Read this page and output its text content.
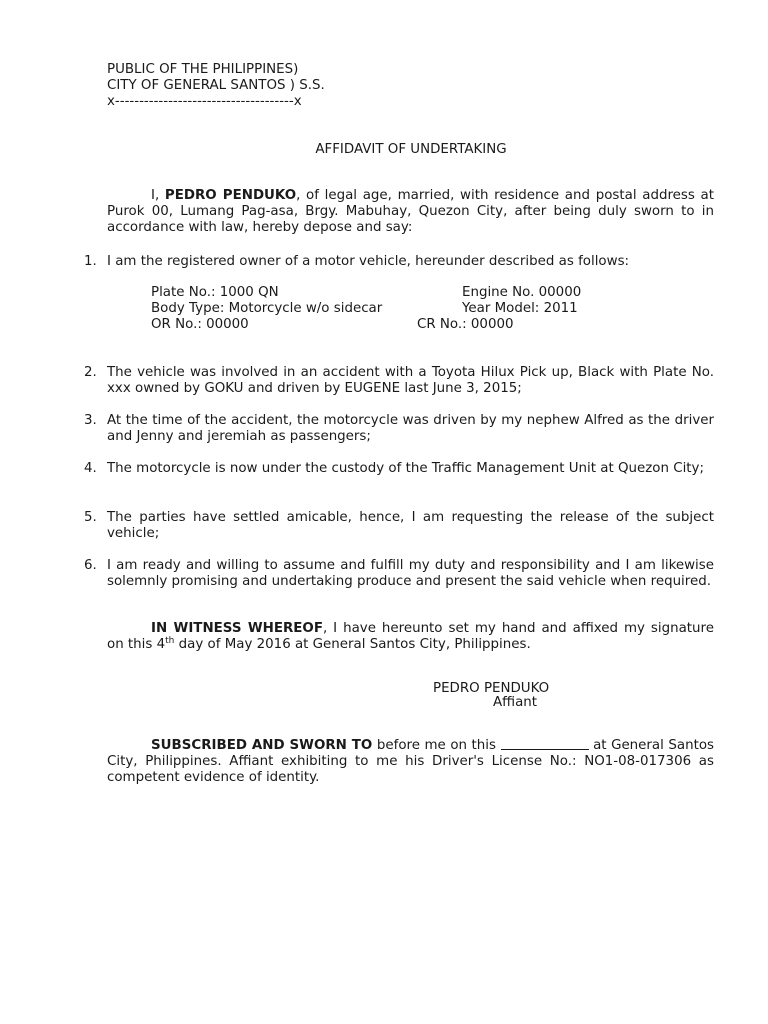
PUBLIC OF THE PHILIPPINES)

CITY OF GENERAL SANTOS ) S.S.

x-------------------------------------x

AFFIDAVIT OF UNDERTAKING

I, PEDRO PENDUKO, of legal age, married, with residence and postal address at Purok 00, Lumang Pag-asa, Brgy. Mabuhay, Quezon City, after being duly sworn to in accordance with law, hereby depose and say:

1. I am the registered owner of a motor vehicle, hereunder described as follows:

Plate No.: 1000 QN	Engine No. 00000

Body Type: Motorcycle w/o sidecar	Year Model: 2011

OR No.: 00000	CR No.: 00000

2. The vehicle was involved in an accident with a Toyota Hilux Pick up, Black with Plate No. xxx owned by GOKU and driven by EUGENE last June 3, 2015;

3. At the time of the accident, the motorcycle was driven by my nephew Alfred as the driver and Jenny and jeremiah as passengers;

4. The motorcycle is now under the custody of the Traffic Management Unit at Quezon City;

5. The parties have settled amicable, hence, I am requesting the release of the subject vehicle;

6. I am ready and willing to assume and fulfill my duty and responsibility and I am likewise solemnly promising and undertaking produce and present the said vehicle when required.

IN WITNESS WHEREOF, I have hereunto set my hand and affixed my signature on this 4th day of May 2016 at General Santos City, Philippines.

PEDRO PENDUKO

Affiant

SUBSCRIBED AND SWORN TO before me on this	at General Santos City, Philippines. Affiant exhibiting to me his Driver's License No.: NO1-08-017306 as competent evidence of identity.
